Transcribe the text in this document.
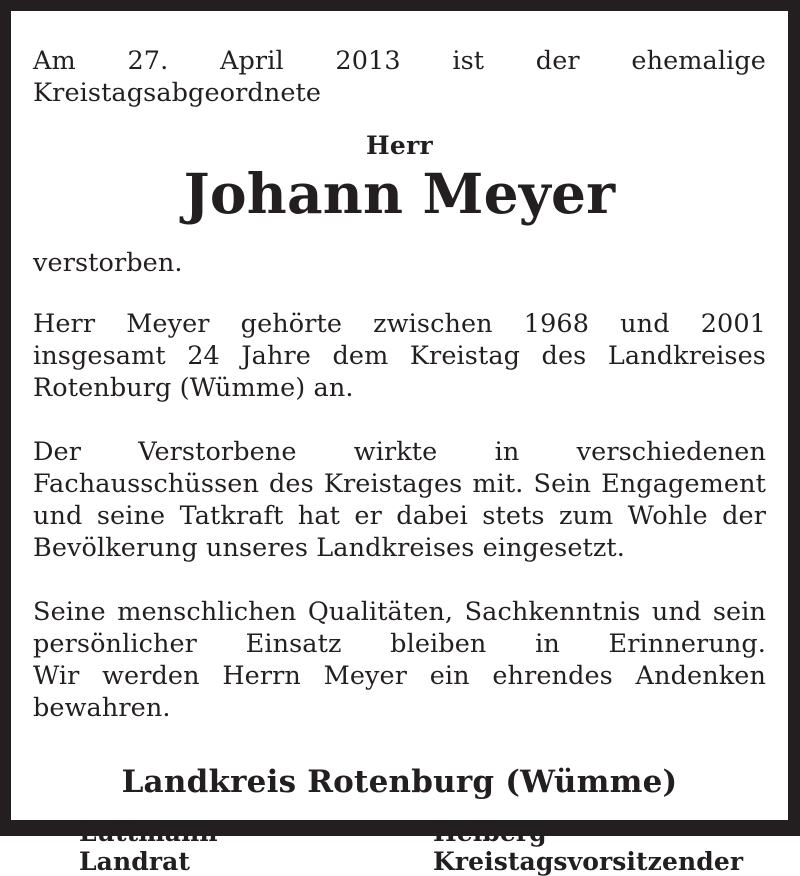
Am 27. April 2013 ist der ehemalige Kreistagsabgeordnete

Herr

Johann Meyer

verstorben.

Herr Meyer gehörte zwischen 1968 und 2001 insgesamt 24 Jahre dem Kreistag des Landkreises Rotenburg (Wümme) an.

Der Verstorbene wirkte in verschiedenen Fachausschüssen des Kreistages mit. Sein Engagement und seine Tatkraft hat er dabei stets zum Wohle der Bevölkerung unseres Landkreises eingesetzt.

Seine menschlichen Qualitäten, Sachkenntnis und sein persönlicher Einsatz bleiben in Erinnerung.

Wir werden Herrn Meyer ein ehrendes Andenken bewahren.

Landkreis Rotenburg (Wümme)

Luttmann

Landrat

Helberg

Kreistagsvorsitzender
